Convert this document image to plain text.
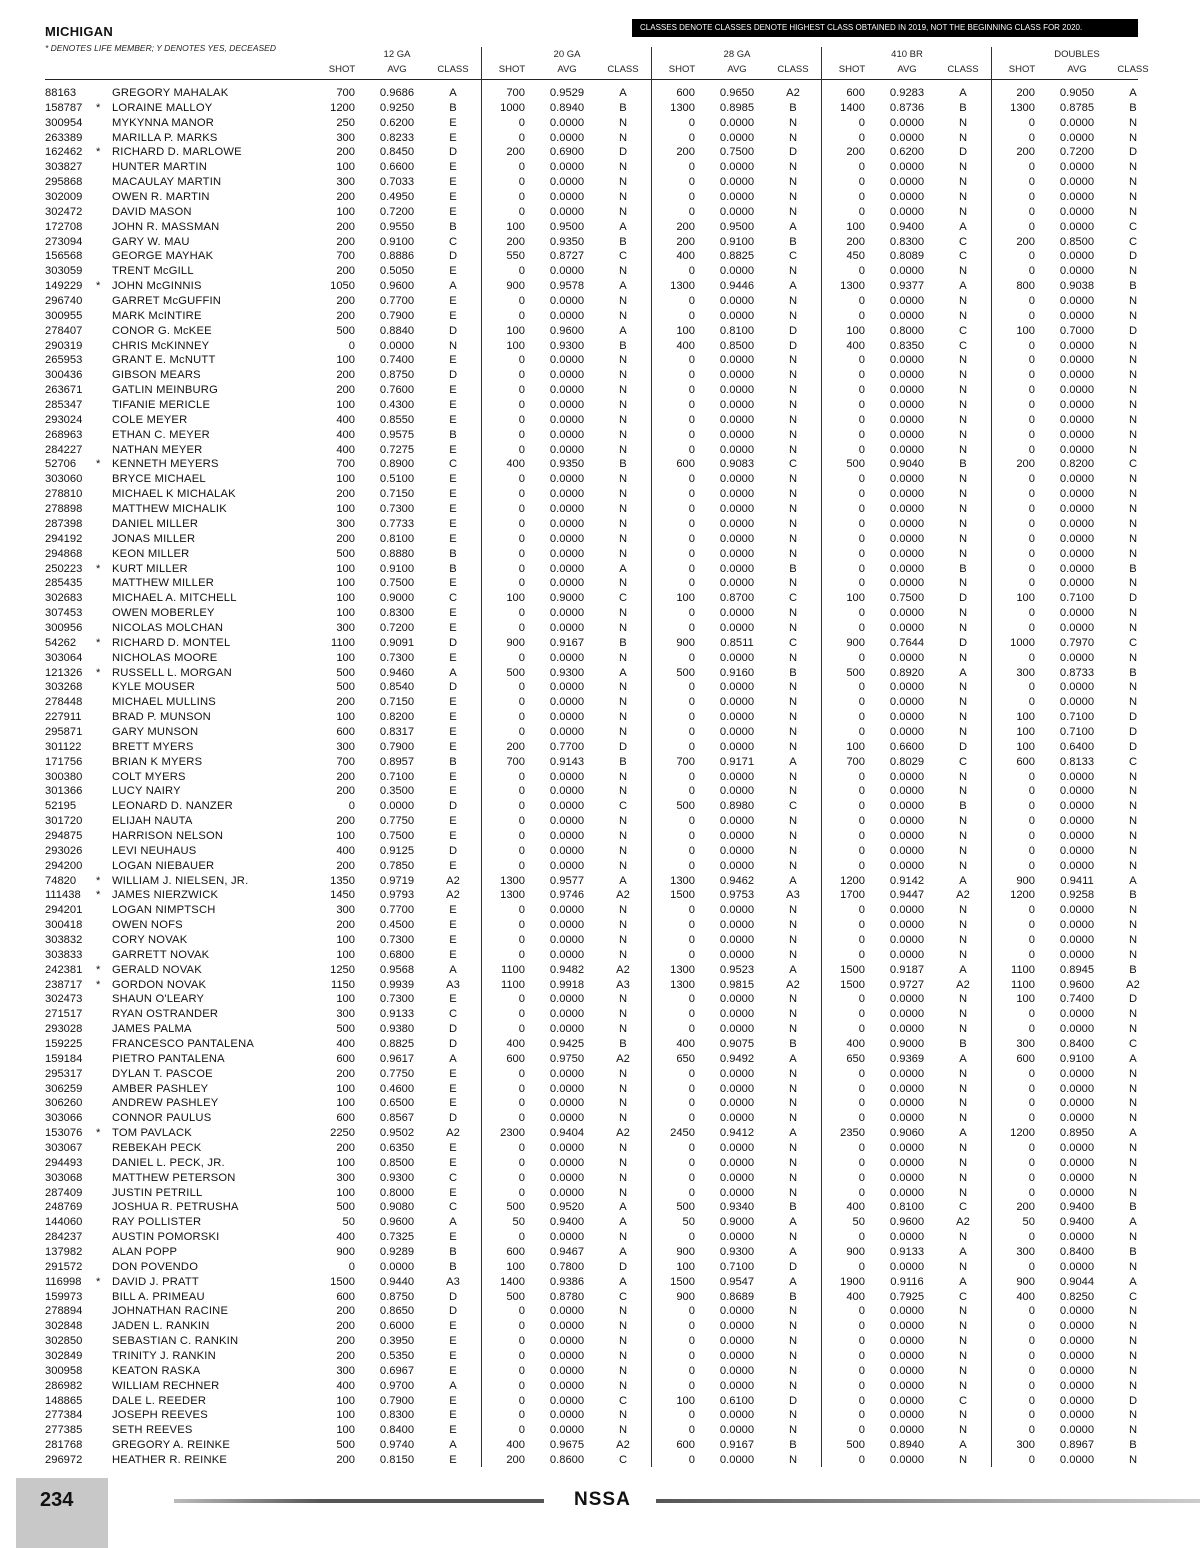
MICHIGAN
* DENOTES LIFE MEMBER; Y DENOTES YES, DECEASED
CLASSES DENOTE CLASSES DENOTE HIGHEST CLASS OBTAINED IN 2019, NOT THE BEGINNING CLASS FOR 2020.
12 GA
SHOT	AVG	CLASS
20 GA
SHOT	AVG	CLASS
28 GA
SHOT	AVG	CLASS
410 BR
SHOT	AVG	CLASS
DOUBLES
SHOT	AVG	CLASS
88163	GREGORY MAHALAK	700	0.9686	A	700	0.9529	A	600	0.9650	A2	600	0.9283	A	200	0.9050	A
158787 * LORAINE MALLOY	1200	0.9250	B	1000	0.8940	B	1300	0.8985	B	1400	0.8736	B	1300	0.8785	B
300954	MYKYNNA MANOR	250	0.6200	E	0	0.0000	N	0	0.0000	N	0	0.0000	N	0	0.0000	N
263389	MARILLA P. MARKS	300	0.8233	E	0	0.0000	N	0	0.0000	N	0	0.0000	N	0	0.0000	N
162462 * RICHARD D. MARLOWE	200	0.8450	D	200	0.6900	D	200	0.7500	D	200	0.6200	D	200	0.7200	D
303827	HUNTER MARTIN	100	0.6600	E	0	0.0000	N	0	0.0000	N	0	0.0000	N	0	0.0000	N
295868	MACAULAY MARTIN	300	0.7033	E	0	0.0000	N	0	0.0000	N	0	0.0000	N	0	0.0000	N
302009	OWEN R. MARTIN	200	0.4950	E	0	0.0000	N	0	0.0000	N	0	0.0000	N	0	0.0000	N
302472	DAVID MASON	100	0.7200	E	0	0.0000	N	0	0.0000	N	0	0.0000	N	0	0.0000	N
172708	JOHN R. MASSMAN	200	0.9550	B	100	0.9500	A	200	0.9500	A	100	0.9400	A	0	0.0000	C
273094	GARY W. MAU	200	0.9100	C	200	0.9350	B	200	0.9100	B	200	0.8300	C	200	0.8500	C
156568	GEORGE MAYHAK	700	0.8886	D	550	0.8727	C	400	0.8825	C	450	0.8089	C	0	0.0000	D
303059	TRENT McGILL	200	0.5050	E	0	0.0000	N	0	0.0000	N	0	0.0000	N	0	0.0000	N
149229 * JOHN McGINNIS	1050	0.9600	A	900	0.9578	A	1300	0.9446	A	1300	0.9377	A	800	0.9038	B
296740	GARRET McGUFFIN	200	0.7700	E	0	0.0000	N	0	0.0000	N	0	0.0000	N	0	0.0000	N
300955	MARK McINTIRE	200	0.7900	E	0	0.0000	N	0	0.0000	N	0	0.0000	N	0	0.0000	N
278407	CONOR G. McKEE	500	0.8840	D	100	0.9600	A	100	0.8100	D	100	0.8000	C	100	0.7000	D
290319	CHRIS McKINNEY	0	0.0000	N	100	0.9300	B	400	0.8500	D	400	0.8350	C	0	0.0000	N
265953	GRANT E. McNUTT	100	0.7400	E	0	0.0000	N	0	0.0000	N	0	0.0000	N	0	0.0000	N
300436	GIBSON MEARS	200	0.8750	D	0	0.0000	N	0	0.0000	N	0	0.0000	N	0	0.0000	N
263671	GATLIN MEINBURG	200	0.7600	E	0	0.0000	N	0	0.0000	N	0	0.0000	N	0	0.0000	N
285347	TIFANIE MERICLE	100	0.4300	E	0	0.0000	N	0	0.0000	N	0	0.0000	N	0	0.0000	N
293024	COLE MEYER	400	0.8550	E	0	0.0000	N	0	0.0000	N	0	0.0000	N	0	0.0000	N
268963	ETHAN C. MEYER	400	0.9575	B	0	0.0000	N	0	0.0000	N	0	0.0000	N	0	0.0000	N
284227	NATHAN MEYER	400	0.7275	E	0	0.0000	N	0	0.0000	N	0	0.0000	N	0	0.0000	N
52706 * KENNETH MEYERS	700	0.8900	C	400	0.9350	B	600	0.9083	C	500	0.9040	B	200	0.8200	C
303060	BRYCE MICHAEL	100	0.5100	E	0	0.0000	N	0	0.0000	N	0	0.0000	N	0	0.0000	N
278810	MICHAEL K MICHALAK	200	0.7150	E	0	0.0000	N	0	0.0000	N	0	0.0000	N	0	0.0000	N
278898	MATTHEW MICHALIK	100	0.7300	E	0	0.0000	N	0	0.0000	N	0	0.0000	N	0	0.0000	N
287398	DANIEL MILLER	300	0.7733	E	0	0.0000	N	0	0.0000	N	0	0.0000	N	0	0.0000	N
294192	JONAS MILLER	200	0.8100	E	0	0.0000	N	0	0.0000	N	0	0.0000	N	0	0.0000	N
294868	KEON MILLER	500	0.8880	B	0	0.0000	N	0	0.0000	N	0	0.0000	N	0	0.0000	N
250223 * KURT MILLER	100	0.9100	B	0	0.0000	A	0	0.0000	B	0	0.0000	B	0	0.0000	B
285435	MATTHEW MILLER	100	0.7500	E	0	0.0000	N	0	0.0000	N	0	0.0000	N	0	0.0000	N
302683	MICHAEL A. MITCHELL	100	0.9000	C	100	0.9000	C	100	0.8700	C	100	0.7500	D	100	0.7100	D
307453	OWEN MOBERLEY	100	0.8300	E	0	0.0000	N	0	0.0000	N	0	0.0000	N	0	0.0000	N
300956	NICOLAS MOLCHAN	300	0.7200	E	0	0.0000	N	0	0.0000	N	0	0.0000	N	0	0.0000	N
54262 * RICHARD D. MONTEL	1100	0.9091	D	900	0.9167	B	900	0.8511	C	900	0.7644	D	1000	0.7970	C
303064	NICHOLAS MOORE	100	0.7300	E	0	0.0000	N	0	0.0000	N	0	0.0000	N	0	0.0000	N
121326 * RUSSELL L. MORGAN	500	0.9460	A	500	0.9300	A	500	0.9160	B	500	0.8920	A	300	0.8733	B
303268	KYLE MOUSER	500	0.8540	D	0	0.0000	N	0	0.0000	N	0	0.0000	N	0	0.0000	N
278448	MICHAEL MULLINS	200	0.7150	E	0	0.0000	N	0	0.0000	N	0	0.0000	N	0	0.0000	N
227911	BRAD P. MUNSON	100	0.8200	E	0	0.0000	N	0	0.0000	N	0	0.0000	N	100	0.7100	D
295871	GARY MUNSON	600	0.8317	E	0	0.0000	N	0	0.0000	N	0	0.0000	N	100	0.7100	D
301122	BRETT MYERS	300	0.7900	E	200	0.7700	D	0	0.0000	N	100	0.6600	D	100	0.6400	D
171756	BRIAN K MYERS	700	0.8957	B	700	0.9143	B	700	0.9171	A	700	0.8029	C	600	0.8133	C
300380	COLT MYERS	200	0.7100	E	0	0.0000	N	0	0.0000	N	0	0.0000	N	0	0.0000	N
301366	LUCY NAIRY	200	0.3500	E	0	0.0000	N	0	0.0000	N	0	0.0000	N	0	0.0000	N
52195	LEONARD D. NANZER	0	0.0000	D	0	0.0000	C	500	0.8980	C	0	0.0000	B	0	0.0000	N
301720	ELIJAH NAUTA	200	0.7750	E	0	0.0000	N	0	0.0000	N	0	0.0000	N	0	0.0000	N
294875	HARRISON NELSON	100	0.7500	E	0	0.0000	N	0	0.0000	N	0	0.0000	N	0	0.0000	N
293026	LEVI NEUHAUS	400	0.9125	D	0	0.0000	N	0	0.0000	N	0	0.0000	N	0	0.0000	N
294200	LOGAN NIEBAUER	200	0.7850	E	0	0.0000	N	0	0.0000	N	0	0.0000	N	0	0.0000	N
74820 * WILLIAM J. NIELSEN, JR.	1350	0.9719	A2	1300	0.9577	A	1300	0.9462	A	1200	0.9142	A	900	0.9411	A
111438 * JAMES NIERZWICK	1450	0.9793	A2	1300	0.9746	A2	1500	0.9753	A3	1700	0.9447	A2	1200	0.9258	B
294201	LOGAN NIMPTSCH	300	0.7700	E	0	0.0000	N	0	0.0000	N	0	0.0000	N	0	0.0000	N
300418	OWEN NOFS	200	0.4500	E	0	0.0000	N	0	0.0000	N	0	0.0000	N	0	0.0000	N
303832	CORY NOVAK	100	0.7300	E	0	0.0000	N	0	0.0000	N	0	0.0000	N	0	0.0000	N
303833	GARRETT NOVAK	100	0.6800	E	0	0.0000	N	0	0.0000	N	0	0.0000	N	0	0.0000	N
242381 * GERALD NOVAK	1250	0.9568	A	1100	0.9482	A2	1300	0.9523	A	1500	0.9187	A	1100	0.8945	B
238717 * GORDON NOVAK	1150	0.9939	A3	1100	0.9918	A3	1300	0.9815	A2	1500	0.9727	A2	1100	0.9600	A2
302473	SHAUN O'LEARY	100	0.7300	E	0	0.0000	N	0	0.0000	N	0	0.0000	N	100	0.7400	D
271517	RYAN OSTRANDER	300	0.9133	C	0	0.0000	N	0	0.0000	N	0	0.0000	N	0	0.0000	N
293028	JAMES PALMA	500	0.9380	D	0	0.0000	N	0	0.0000	N	0	0.0000	N	0	0.0000	N
159225	FRANCESCO PANTALENA	400	0.8825	D	400	0.9425	B	400	0.9075	B	400	0.9000	B	300	0.8400	C
159184	PIETRO PANTALENA	600	0.9617	A	600	0.9750	A2	650	0.9492	A	650	0.9369	A	600	0.9100	A
295317	DYLAN T. PASCOE	200	0.7750	E	0	0.0000	N	0	0.0000	N	0	0.0000	N	0	0.0000	N
306259	AMBER PASHLEY	100	0.4600	E	0	0.0000	N	0	0.0000	N	0	0.0000	N	0	0.0000	N
306260	ANDREW PASHLEY	100	0.6500	E	0	0.0000	N	0	0.0000	N	0	0.0000	N	0	0.0000	N
303066	CONNOR PAULUS	600	0.8567	D	0	0.0000	N	0	0.0000	N	0	0.0000	N	0	0.0000	N
153076 * TOM PAVLACK	2250	0.9502	A2	2300	0.9404	A2	2450	0.9412	A	2350	0.9060	A	1200	0.8950	A
303067	REBEKAH PECK	200	0.6350	E	0	0.0000	N	0	0.0000	N	0	0.0000	N	0	0.0000	N
294493	DANIEL L. PECK, JR.	100	0.8500	E	0	0.0000	N	0	0.0000	N	0	0.0000	N	0	0.0000	N
303068	MATTHEW PETERSON	300	0.9300	C	0	0.0000	N	0	0.0000	N	0	0.0000	N	0	0.0000	N
287409	JUSTIN PETRILL	100	0.8000	E	0	0.0000	N	0	0.0000	N	0	0.0000	N	0	0.0000	N
248769	JOSHUA R. PETRUSHA	500	0.9080	C	500	0.9520	A	500	0.9340	B	400	0.8100	C	200	0.9400	B
144060	RAY POLLISTER	50	0.9600	A	50	0.9400	A	50	0.9000	A	50	0.9600	A2	50	0.9400	A
284237	AUSTIN POMORSKI	400	0.7325	E	0	0.0000	N	0	0.0000	N	0	0.0000	N	0	0.0000	N
137982	ALAN POPP	900	0.9289	B	600	0.9467	A	900	0.9300	A	900	0.9133	A	300	0.8400	B
291572	DON POVENDO	0	0.0000	B	100	0.7800	D	100	0.7100	D	0	0.0000	N	0	0.0000	N
116998 * DAVID J. PRATT	1500	0.9440	A3	1400	0.9386	A	1500	0.9547	A	1900	0.9116	A	900	0.9044	A
159973	BILL A. PRIMEAU	600	0.8750	D	500	0.8780	C	900	0.8689	B	400	0.7925	C	400	0.8250	C
278894	JOHNATHAN RACINE	200	0.8650	D	0	0.0000	N	0	0.0000	N	0	0.0000	N	0	0.0000	N
302848	JADEN L. RANKIN	200	0.6000	E	0	0.0000	N	0	0.0000	N	0	0.0000	N	0	0.0000	N
302850	SEBASTIAN C. RANKIN	200	0.3950	E	0	0.0000	N	0	0.0000	N	0	0.0000	N	0	0.0000	N
302849	TRINITY J. RANKIN	200	0.5350	E	0	0.0000	N	0	0.0000	N	0	0.0000	N	0	0.0000	N
300958	KEATON RASKA	300	0.6967	E	0	0.0000	N	0	0.0000	N	0	0.0000	N	0	0.0000	N
286982	WILLIAM RECHNER	400	0.9700	A	0	0.0000	N	0	0.0000	N	0	0.0000	N	0	0.0000	N
148865	DALE L. REEDER	100	0.7900	E	0	0.0000	C	100	0.6100	D	0	0.0000	C	0	0.0000	D
277384	JOSEPH REEVES	100	0.8300	E	0	0.0000	N	0	0.0000	N	0	0.0000	N	0	0.0000	N
277385	SETH REEVES	100	0.8400	E	0	0.0000	N	0	0.0000	N	0	0.0000	N	0	0.0000	N
281768	GREGORY A. REINKE	500	0.9740	A	400	0.9675	A2	600	0.9167	B	500	0.8940	A	300	0.8967	B
296972	HEATHER R. REINKE	200	0.8150	E	200	0.8600	C	0	0.0000	N	0	0.0000	N	0	0.0000	N
234	NSSA
